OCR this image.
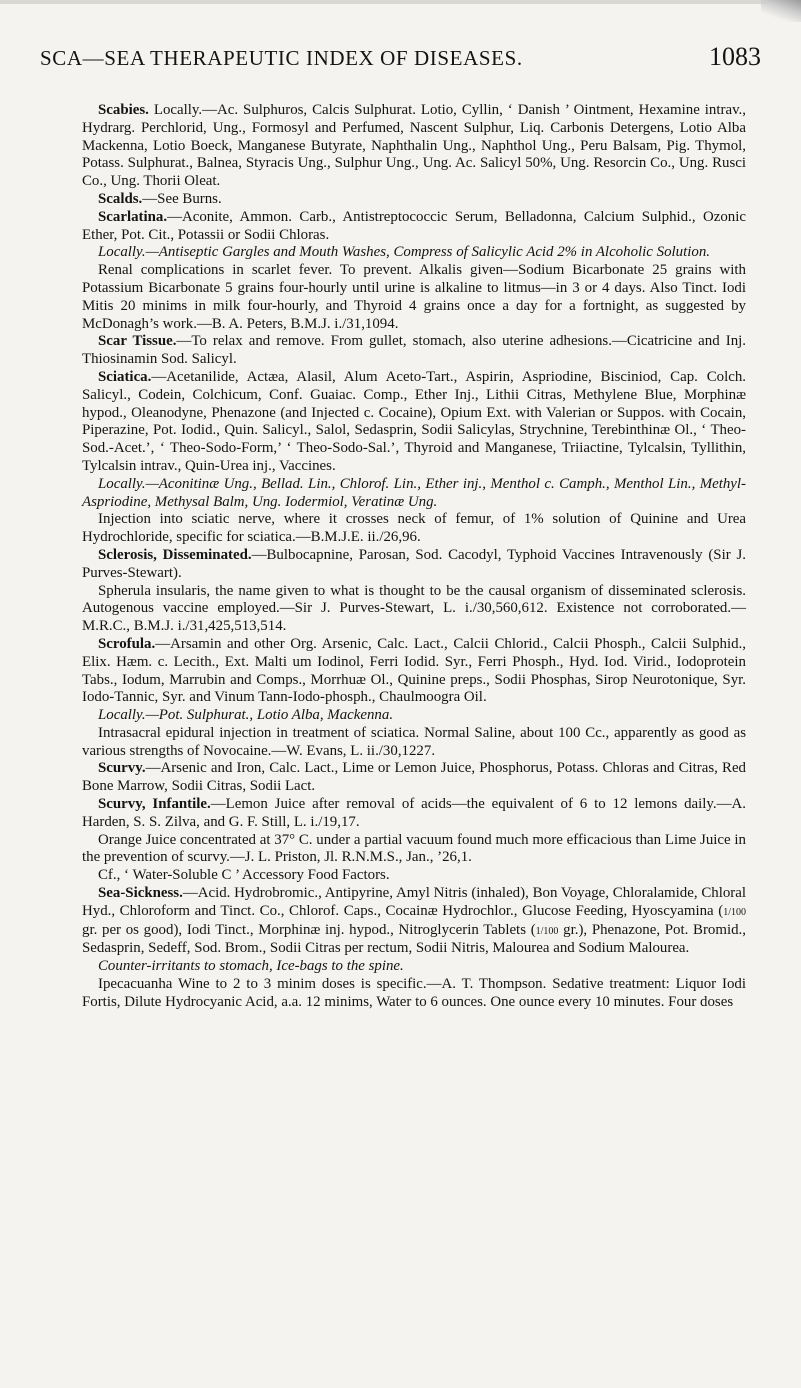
SCA—SEA THERAPEUTIC INDEX OF DISEASES.	1083

Scabies. Locally.—Ac. Sulphuros, Calcis Sulphurat. Lotio, Cyllin, ‘ Danish ’ Ointment, Hexamine intrav., Hydrarg. Perchlorid, Ung., Formosyl and Perfumed, Nascent Sulphur, Liq. Carbonis Detergens, Lotio Alba Mackenna, Lotio Boeck, Manganese Butyrate, Naphthalin Ung., Naphthol Ung., Peru Balsam, Pig. Thymol, Potass. Sulphurat., Balnea, Styracis Ung., Sulphur Ung., Ung. Ac. Salicyl 50%, Ung. Resorcin Co., Ung. Rusci Co., Ung. Thorii Oleat.

Scalds.—See Burns.

Scarlatina.—Aconite, Ammon. Carb., Antistreptococcic Serum, Belladonna, Calcium Sulphid., Ozonic Ether, Pot. Cit., Potassii or Sodii Chloras.

Locally.—Antiseptic Gargles and Mouth Washes, Compress of Salicylic Acid 2% in Alcoholic Solution.

Renal complications in scarlet fever. To prevent. Alkalis given—Sodium Bicarbonate 25 grains with Potassium Bicarbonate 5 grains four-hourly until urine is alkaline to litmus—in 3 or 4 days. Also Tinct. Iodi Mitis 20 minims in milk four-hourly, and Thyroid 4 grains once a day for a fortnight, as suggested by McDonagh’s work.—B. A. Peters, B.M.J. i./31,1094.

Scar Tissue.—To relax and remove. From gullet, stomach, also uterine adhesions.—Cicatricine and Inj. Thiosinamin Sod. Salicyl.

Sciatica.—Acetanilide, Actæa, Alasil, Alum Aceto-Tart., Aspirin, Aspriodine, Bisciniod, Cap. Colch. Salicyl., Codein, Colchicum, Conf. Guaiac. Comp., Ether Inj., Lithii Citras, Methylene Blue, Morphinæ hypod., Oleanodyne, Phenazone (and Injected c. Cocaine), Opium Ext. with Valerian or Suppos. with Cocain, Piperazine, Pot. Iodid., Quin. Salicyl., Salol, Sedasprin, Sodii Salicylas, Strychnine, Terebinthinæ Ol., ‘ Theo-Sod.-Acet.’, ‘ Theo-Sodo-Form,’ ‘ Theo-Sodo-Sal.’, Thyroid and Manganese, Triiactine, Tylcalsin, Tyllithin, Tylcalsin intrav., Quin-Urea inj., Vaccines.

Locally.—Aconitinæ Ung., Bellad. Lin., Chlorof. Lin., Ether inj., Menthol c. Camph., Menthol Lin., Methyl-Aspriodine, Methysal Balm, Ung. Iodermiol, Veratinæ Ung.

Injection into sciatic nerve, where it crosses neck of femur, of 1% solution of Quinine and Urea Hydrochloride, specific for sciatica.—B.M.J.E. ii./26,96.

Sclerosis, Disseminated.—Bulbocapnine, Parosan, Sod. Cacodyl, Typhoid Vaccines Intravenously (Sir J. Purves-Stewart).

Spherula insularis, the name given to what is thought to be the causal organism of disseminated sclerosis. Autogenous vaccine employed.—Sir J. Purves-Stewart, L. i./30,560,612. Existence not corroborated.—M.R.C., B.M.J. i./31,425,513,514.

Scrofula.—Arsamin and other Org. Arsenic, Calc. Lact., Calcii Chlorid., Calcii Phosph., Calcii Sulphid., Elix. Hæm. c. Lecith., Ext. Malti um Iodinol, Ferri Iodid. Syr., Ferri Phosph., Hyd. Iod. Virid., Iodoprotein Tabs., Iodum, Marrubin and Comps., Morrhuæ Ol., Quinine preps., Sodii Phosphas, Sirop Neurotonique, Syr. Iodo-Tannic, Syr. and Vinum Tann-Iodo-phosph., Chaulmoogra Oil.

Locally.—Pot. Sulphurat., Lotio Alba, Mackenna.

Intrasacral epidural injection in treatment of sciatica. Normal Saline, about 100 Cc., apparently as good as various strengths of Novocaine.—W. Evans, L. ii./30,1227.

Scurvy.—Arsenic and Iron, Calc. Lact., Lime or Lemon Juice, Phosphorus, Potass. Chloras and Citras, Red Bone Marrow, Sodii Citras, Sodii Lact.

Scurvy, Infantile.—Lemon Juice after removal of acids—the equivalent of 6 to 12 lemons daily.—A. Harden, S. S. Zilva, and G. F. Still, L. i./19,17.

Orange Juice concentrated at 37° C. under a partial vacuum found much more efficacious than Lime Juice in the prevention of scurvy.—J. L. Priston, Jl. R.N.M.S., Jan., ’26,1.

Cf., ‘ Water-Soluble C ’ Accessory Food Factors.

Sea-Sickness.—Acid. Hydrobromic., Antipyrine, Amyl Nitris (inhaled), Bon Voyage, Chloralamide, Chloral Hyd., Chloroform and Tinct. Co., Chlorof. Caps., Cocainæ Hydrochlor., Glucose Feeding, Hyoscyamina (1/100 gr. per os good), Iodi Tinct., Morphinæ inj. hypod., Nitroglycerin Tablets (1/100 gr.), Phenazone, Pot. Bromid., Sedasprin, Sedeff, Sod. Brom., Sodii Citras per rectum, Sodii Nitris, Malourea and Sodium Malourea.

Counter-irritants to stomach, Ice-bags to the spine.

Ipecacuanha Wine to 2 to 3 minim doses is specific.—A. T. Thompson. Sedative treatment: Liquor Iodi Fortis, Dilute Hydrocyanic Acid, a.a. 12 minims, Water to 6 ounces. One ounce every 10 minutes. Four doses
